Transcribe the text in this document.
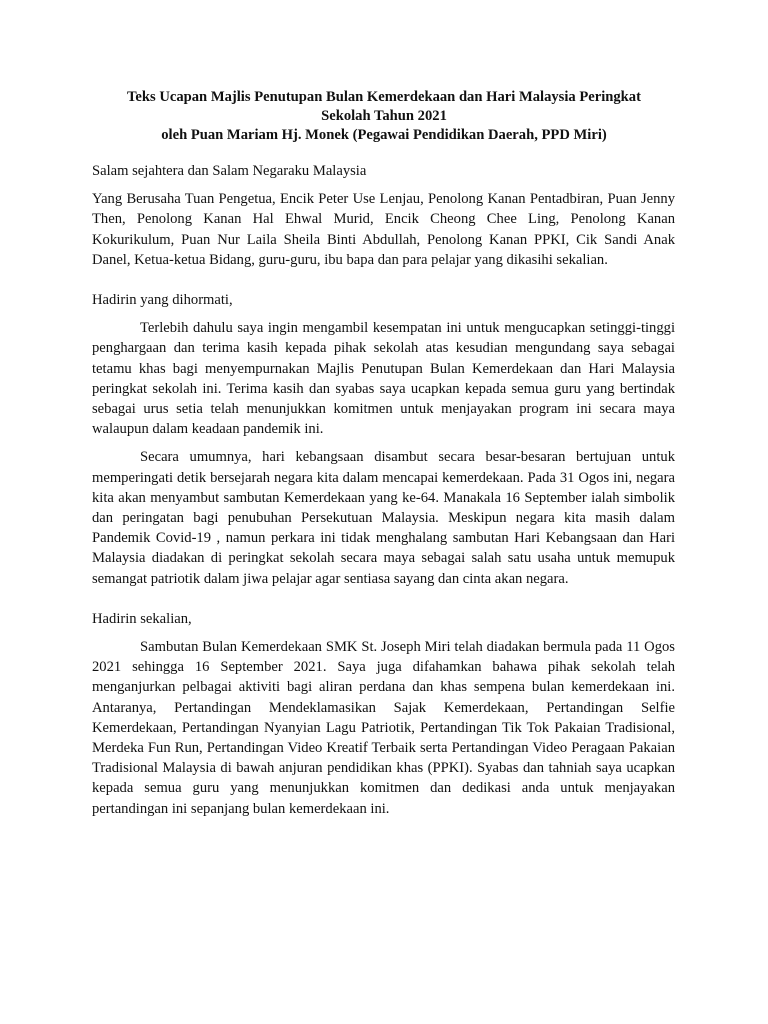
Teks Ucapan Majlis Penutupan Bulan Kemerdekaan dan Hari Malaysia Peringkat
Sekolah Tahun 2021
oleh Puan Mariam Hj. Monek (Pegawai Pendidikan Daerah, PPD Miri)

Salam sejahtera dan Salam Negaraku Malaysia

Yang Berusaha Tuan Pengetua, Encik Peter Use Lenjau, Penolong Kanan Pentadbiran, Puan Jenny Then, Penolong Kanan Hal Ehwal Murid, Encik Cheong Chee Ling, Penolong Kanan Kokurikulum, Puan Nur Laila Sheila Binti Abdullah, Penolong Kanan PPKI, Cik Sandi Anak Danel, Ketua-ketua Bidang, guru-guru, ibu bapa dan para pelajar yang dikasihi sekalian.

Hadirin yang dihormati,

Terlebih dahulu saya ingin mengambil kesempatan ini untuk mengucapkan setinggi-tinggi penghargaan dan terima kasih kepada pihak sekolah atas kesudian mengundang saya sebagai tetamu khas bagi menyempurnakan Majlis Penutupan Bulan Kemerdekaan dan Hari Malaysia peringkat sekolah ini. Terima kasih dan syabas saya ucapkan kepada semua guru yang bertindak sebagai urus setia telah menunjukkan komitmen untuk menjayakan program ini secara maya walaupun dalam keadaan pandemik ini.

Secara umumnya, hari kebangsaan disambut secara besar-besaran bertujuan untuk memperingati detik bersejarah negara kita dalam mencapai kemerdekaan. Pada 31 Ogos ini, negara kita akan menyambut sambutan Kemerdekaan yang ke-64. Manakala 16 September ialah simbolik dan peringatan bagi penubuhan Persekutuan Malaysia. Meskipun negara kita masih dalam Pandemik Covid-19 , namun perkara ini tidak menghalang sambutan Hari Kebangsaan dan Hari Malaysia diadakan di peringkat sekolah secara maya sebagai salah satu usaha untuk memupuk semangat patriotik dalam jiwa pelajar agar sentiasa sayang dan cinta akan negara.

Hadirin sekalian,

Sambutan Bulan Kemerdekaan SMK St. Joseph Miri telah diadakan bermula pada 11 Ogos 2021 sehingga 16 September 2021. Saya juga difahamkan bahawa pihak sekolah telah menganjurkan pelbagai aktiviti bagi aliran perdana dan khas sempena bulan kemerdekaan ini. Antaranya, Pertandingan Mendeklamasikan Sajak Kemerdekaan, Pertandingan Selfie Kemerdekaan, Pertandingan Nyanyian Lagu Patriotik, Pertandingan Tik Tok Pakaian Tradisional, Merdeka Fun Run, Pertandingan Video Kreatif Terbaik serta Pertandingan Video Peragaan Pakaian Tradisional Malaysia di bawah anjuran pendidikan khas (PPKI). Syabas dan tahniah saya ucapkan kepada semua guru yang menunjukkan komitmen dan dedikasi anda untuk menjayakan pertandingan ini sepanjang bulan kemerdekaan ini.
